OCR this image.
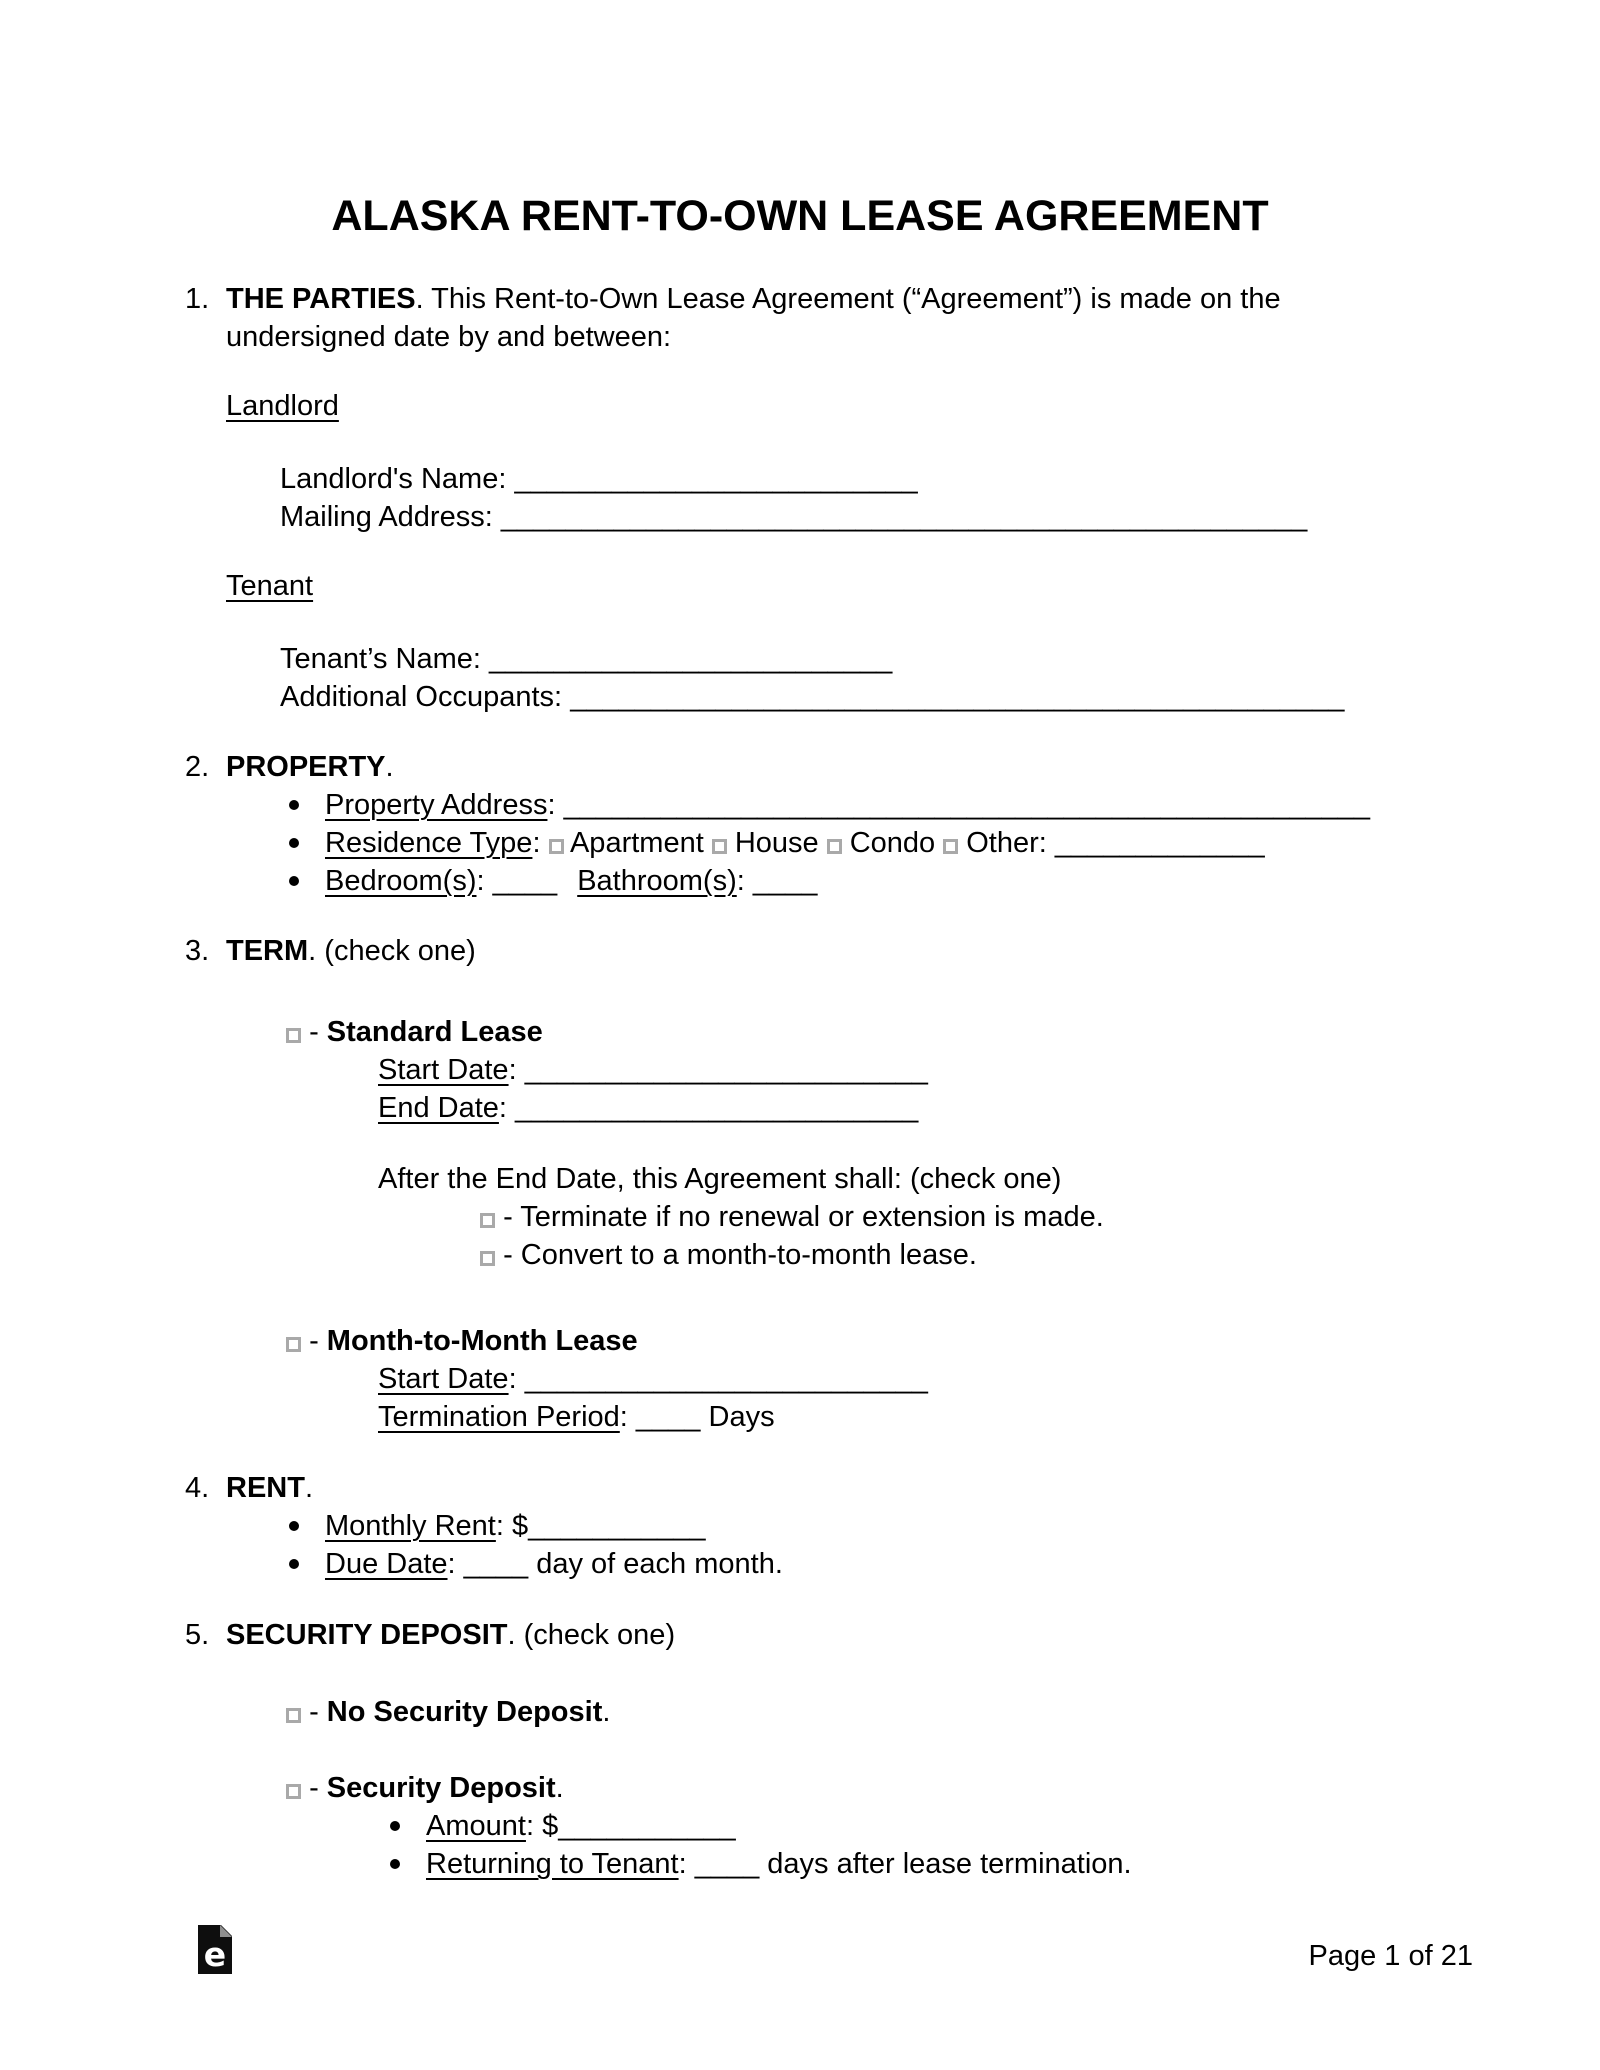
ALASKA RENT-TO-OWN LEASE AGREEMENT
1. THE PARTIES. This Rent-to-Own Lease Agreement (“Agreement”) is made on the
undersigned date by and between:
Landlord
Landlord's Name: _________________________
Mailing Address: __________________________________________________
Tenant
Tenant’s Name: _________________________
Additional Occupants: ________________________________________________
2. PROPERTY.
Property Address: __________________________________________________
Residence Type: Apartment House Condo Other: _____________
Bedroom(s): ____ Bathroom(s): ____
3. TERM. (check one)
- Standard Lease
Start Date: _________________________
End Date: _________________________
After the End Date, this Agreement shall: (check one)
- Terminate if no renewal or extension is made.
- Convert to a month-to-month lease.
- Month-to-Month Lease
Start Date: _________________________
Termination Period: ____ Days
4. RENT.
Monthly Rent: $___________
Due Date: ____ day of each month.
5. SECURITY DEPOSIT. (check one)
- No Security Deposit.
- Security Deposit.
Amount: $___________
Returning to Tenant: ____ days after lease termination.
e	Page 1 of 21
